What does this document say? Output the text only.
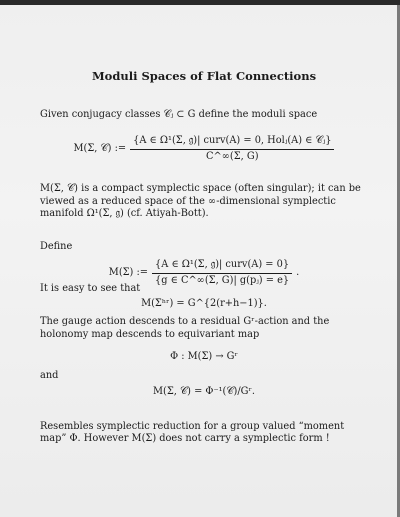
Moduli Spaces of Flat Connections

Given conjugacy classes 𝒞ⱼ ⊂ G define the moduli space

M(Σ, 𝒞) := $\frac{\text{\{A ∈ Ω¹(Σ, 𝔤)| curv(A) = 0, Holⱼ(A) ∈ 𝒞ⱼ\}}}{C\^{}\infty(\Sigma, G)}$

M(Σ, 𝒞) is a compact symplectic space (often singular); it can be viewed as a reduced space of the ∞-dimensional symplectic manifold Ω¹(Σ, 𝔤) (cf. Atiyah-Bott).

Define

M(Σ) := $\frac{\text{\{A ∈ Ω¹(Σ, 𝔤)| curv(A) = 0\}}}{\text{\{g ∈ C\textasciicircum{}∞(Σ, G)| g(pⱼ) = e\}}}$ .

It is easy to see that

M(Σʰʳ) = G^{2(r+h−1)}.

The gauge action descends to a residual Gʳ-action and the holonomy map descends to equivariant map

Φ : M(Σ) → Gʳ

and

M(Σ, 𝒞) = Φ⁻¹(𝒞)/Gʳ.

Resembles symplectic reduction for a group valued “moment map” Φ. However M(Σ) does not carry a symplectic form !
